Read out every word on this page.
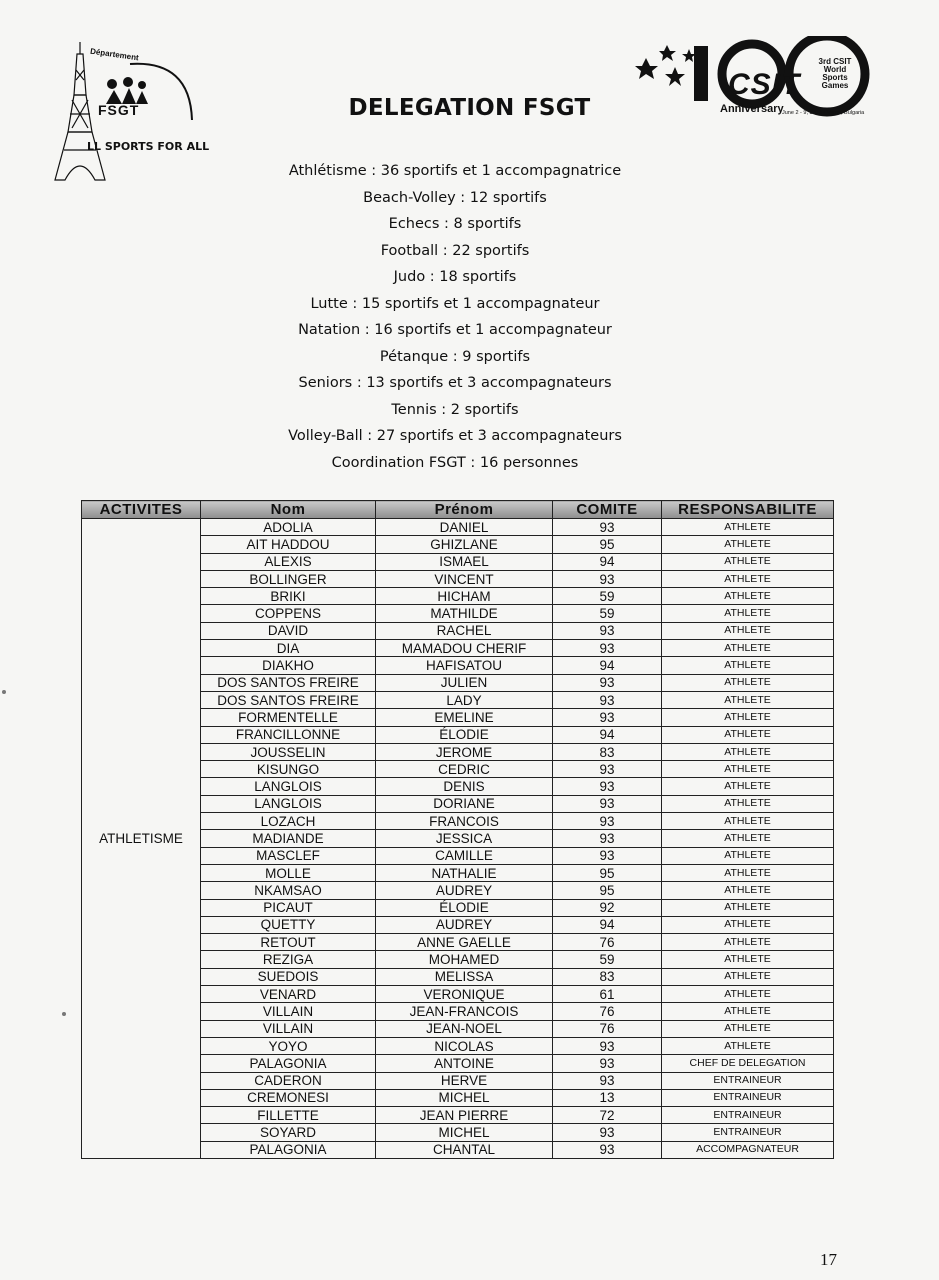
Département
FSGT
LL SPORTS FOR ALL
CSIT
Anniversary
3rd CSIT World Sports Games
June 2 - 9, 2013 • Varna, Bulgaria
DELEGATION FSGT
Athlétisme : 36 sportifs et 1 accompagnatrice
Beach-Volley : 12 sportifs
Echecs : 8 sportifs
Football : 22 sportifs
Judo : 18 sportifs
Lutte : 15 sportifs et 1 accompagnateur
Natation : 16 sportifs et 1 accompagnateur
Pétanque : 9 sportifs
Seniors : 13 sportifs et 3 accompagnateurs
Tennis : 2 sportifs
Volley-Ball : 27 sportifs et 3 accompagnateurs
Coordination FSGT : 16 personnes
ACTIVITES	Nom	Prénom	COMITE	RESPONSABILITE
ATHLETISME	ADOLIA	DANIEL	93	ATHLETE
	AIT HADDOU	GHIZLANE	95	ATHLETE
	ALEXIS	ISMAEL	94	ATHLETE
	BOLLINGER	VINCENT	93	ATHLETE
	BRIKI	HICHAM	59	ATHLETE
	COPPENS	MATHILDE	59	ATHLETE
	DAVID	RACHEL	93	ATHLETE
	DIA	MAMADOU CHERIF	93	ATHLETE
	DIAKHO	HAFISATOU	94	ATHLETE
	DOS SANTOS FREIRE	JULIEN	93	ATHLETE
	DOS SANTOS FREIRE	LADY	93	ATHLETE
	FORMENTELLE	EMELINE	93	ATHLETE
	FRANCILLONNE	ÉLODIE	94	ATHLETE
	JOUSSELIN	JEROME	83	ATHLETE
	KISUNGO	CEDRIC	93	ATHLETE
	LANGLOIS	DENIS	93	ATHLETE
	LANGLOIS	DORIANE	93	ATHLETE
	LOZACH	FRANCOIS	93	ATHLETE
	MADIANDE	JESSICA	93	ATHLETE
	MASCLEF	CAMILLE	93	ATHLETE
	MOLLE	NATHALIE	95	ATHLETE
	NKAMSAO	AUDREY	95	ATHLETE
	PICAUT	ÉLODIE	92	ATHLETE
	QUETTY	AUDREY	94	ATHLETE
	RETOUT	ANNE GAELLE	76	ATHLETE
	REZIGA	MOHAMED	59	ATHLETE
	SUEDOIS	MELISSA	83	ATHLETE
	VENARD	VERONIQUE	61	ATHLETE
	VILLAIN	JEAN-FRANCOIS	76	ATHLETE
	VILLAIN	JEAN-NOEL	76	ATHLETE
	YOYO	NICOLAS	93	ATHLETE
	PALAGONIA	ANTOINE	93	CHEF DE DELEGATION
	CADERON	HERVE	93	ENTRAINEUR
	CREMONESI	MICHEL	13	ENTRAINEUR
	FILLETTE	JEAN PIERRE	72	ENTRAINEUR
	SOYARD	MICHEL	93	ENTRAINEUR
	PALAGONIA	CHANTAL	93	ACCOMPAGNATEUR
17
